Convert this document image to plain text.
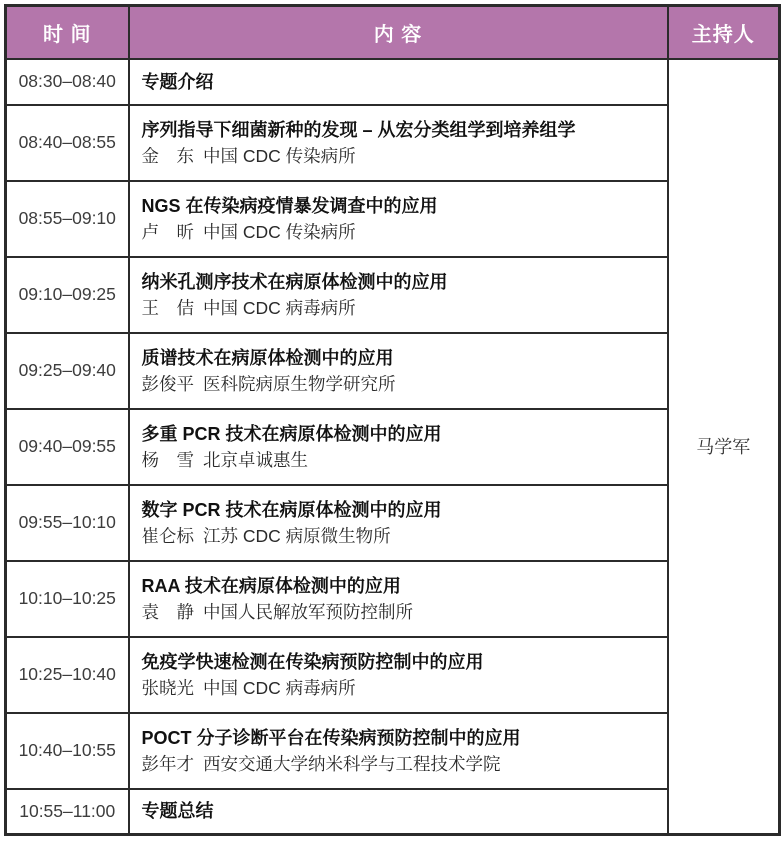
时 间	内 容	主持人
08:30–08:40	专题介绍	马学军
08:40–08:55	序列指导下细菌新种的发现 – 从宏分类组学到培养组学
金　东 中国 CDC 传染病所	

08:55–09:10	NGS 在传染病疫情暴发调查中的应用
卢　昕 中国 CDC 传染病所	

09:10–09:25	纳米孔测序技术在病原体检测中的应用
王　佶 中国 CDC 病毒病所	

09:25–09:40	质谱技术在病原体检测中的应用
彭俊平 医科院病原生物学研究所	

09:40–09:55	多重 PCR 技术在病原体检测中的应用
杨　雪 北京卓诚惠生	

09:55–10:10	数字 PCR 技术在病原体检测中的应用
崔仑标 江苏 CDC 病原微生物所	

10:10–10:25	RAA 技术在病原体检测中的应用
袁　静 中国人民解放军预防控制所	

10:25–10:40	免疫学快速检测在传染病预防控制中的应用
张晓光 中国 CDC 病毒病所	

10:40–10:55	POCT 分子诊断平台在传染病预防控制中的应用
彭年才 西安交通大学纳米科学与工程技术学院	

10:55–11:00	专题总结	
